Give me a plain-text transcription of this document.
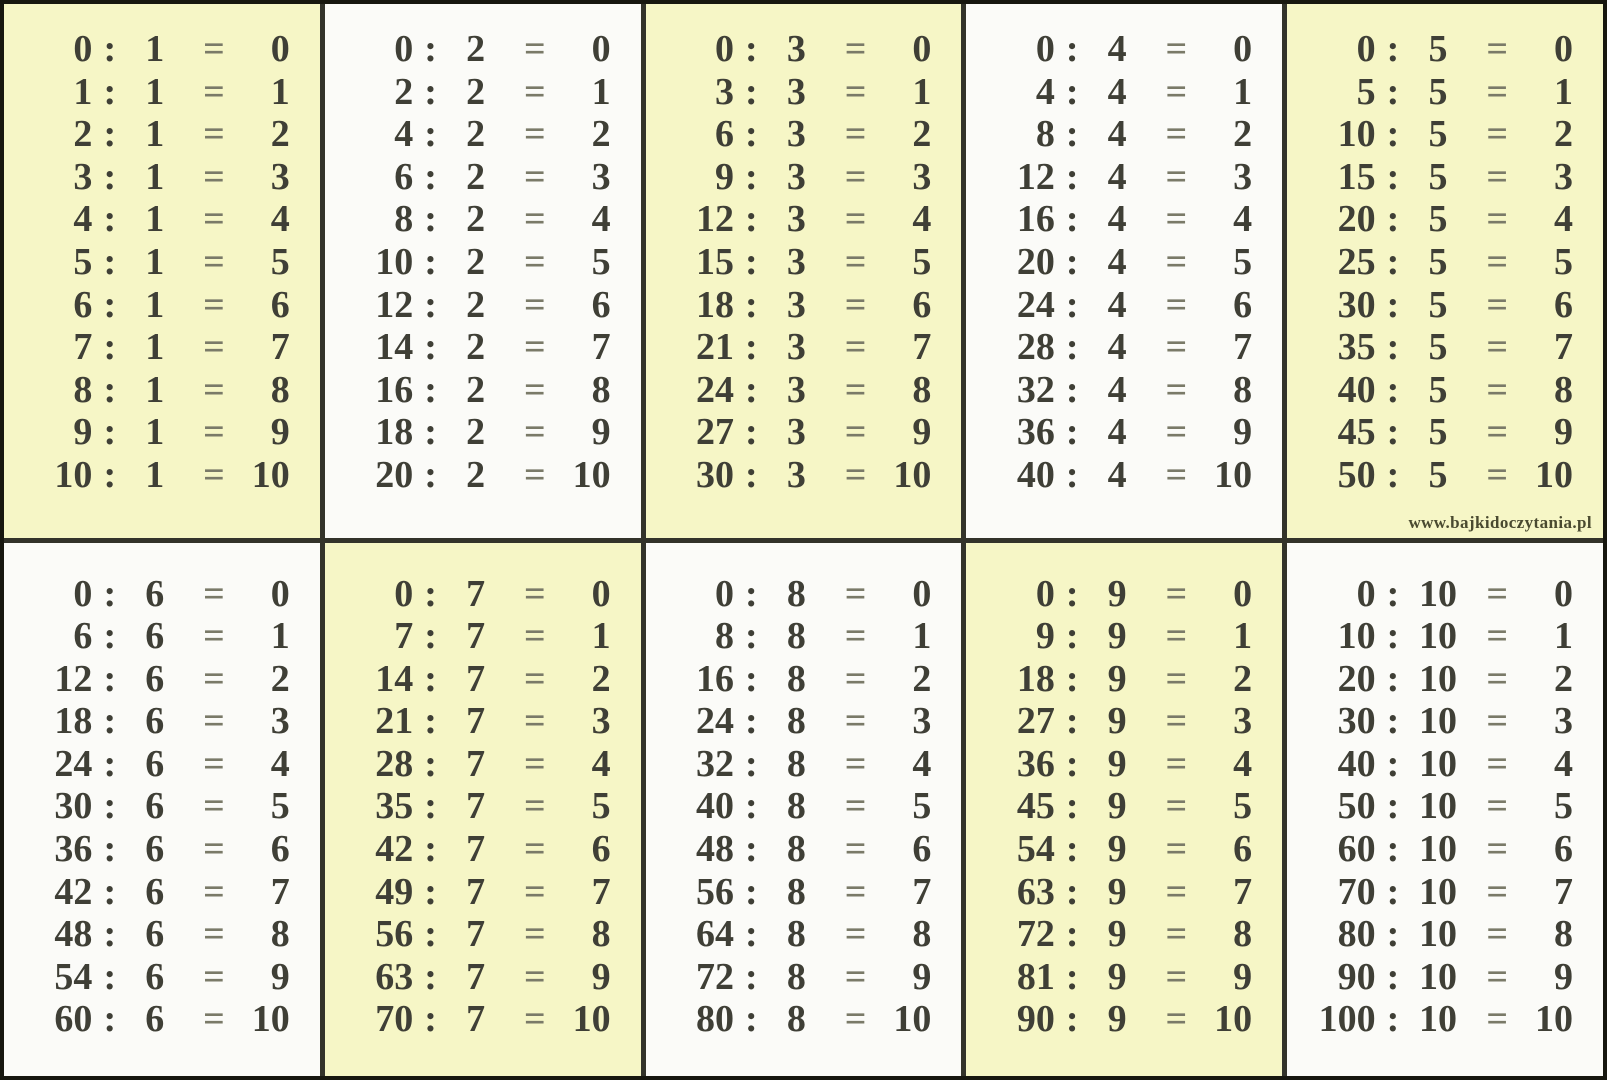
0 : 1	=	0
1 : 1	=	1
2 : 1	=	2
3 : 1	=	3
4 : 1	=	4
5 : 1	=	5
6 : 1	=	6
7 : 1	=	7
8 : 1	=	8
9 : 1	=	9
10 : 1	= 10
0 : 2	=	0
2 : 2	=	1
4 : 2	=	2
6 : 2	=	3
8 : 2	=	4
10 : 2	=	5
12 : 2	=	6
14 : 2	=	7
16 : 2	=	8
18 : 2	=	9
20 : 2	= 10
0 : 3	=	0
3 : 3	=	1
6 : 3	=	2
9 : 3	=	3
12 : 3	=	4
15 : 3	=	5
18 : 3	=	6
21 : 3	=	7
24 : 3	=	8
27 : 3	=	9
30 : 3	= 10
0 : 4	=	0
4 : 4	=	1
8 : 4	=	2
12 : 4	=	3
16 : 4	=	4
20 : 4	=	5
24 : 4	=	6
28 : 4	=	7
32 : 4	=	8
36 : 4	=	9
40 : 4	= 10
0 : 5	=	0
5 : 5	=	1
10 : 5	=	2
15 : 5	=	3
20 : 5	=	4
25 : 5	=	5
30 : 5	=	6
35 : 5	=	7
40 : 5	=	8
45 : 5	=	9
50 : 5	= 10
0 : 6	=	0
6 : 6	=	1
12 : 6	=	2
18 : 6	=	3
24 : 6	=	4
30 : 6	=	5
36 : 6	=	6
42 : 6	=	7
48 : 6	=	8
54 : 6	=	9
60 : 6	= 10
0 : 7	=	0
7 : 7	=	1
14 : 7	=	2
21 : 7	=	3
28 : 7	=	4
35 : 7	=	5
42 : 7	=	6
49 : 7	=	7
56 : 7	=	8
63 : 7	=	9
70 : 7	= 10
0 : 8	=	0
8 : 8	=	1
16 : 8	=	2
24 : 8	=	3
32 : 8	=	4
40 : 8	=	5
48 : 8	=	6
56 : 8	=	7
64 : 8	=	8
72 : 8	=	9
80 : 8	= 10
0 : 9	=	0
9 : 9	=	1
18 : 9	=	2
27 : 9	=	3
36 : 9	=	4
45 : 9	=	5
54 : 9	=	6
63 : 9	=	7
72 : 9	=	8
81 : 9	=	9
90 : 9	= 10
0 : 10 =	0
10 : 10 =	1
20 : 10 =	2
30 : 10 =	3
40 : 10 =	4
50 : 10 =	5
60 : 10 =	6
70 : 10 =	7
80 : 10 =	8
90 : 10 =	9
100 : 10 = 10
www.bajkidoczytania.pl
